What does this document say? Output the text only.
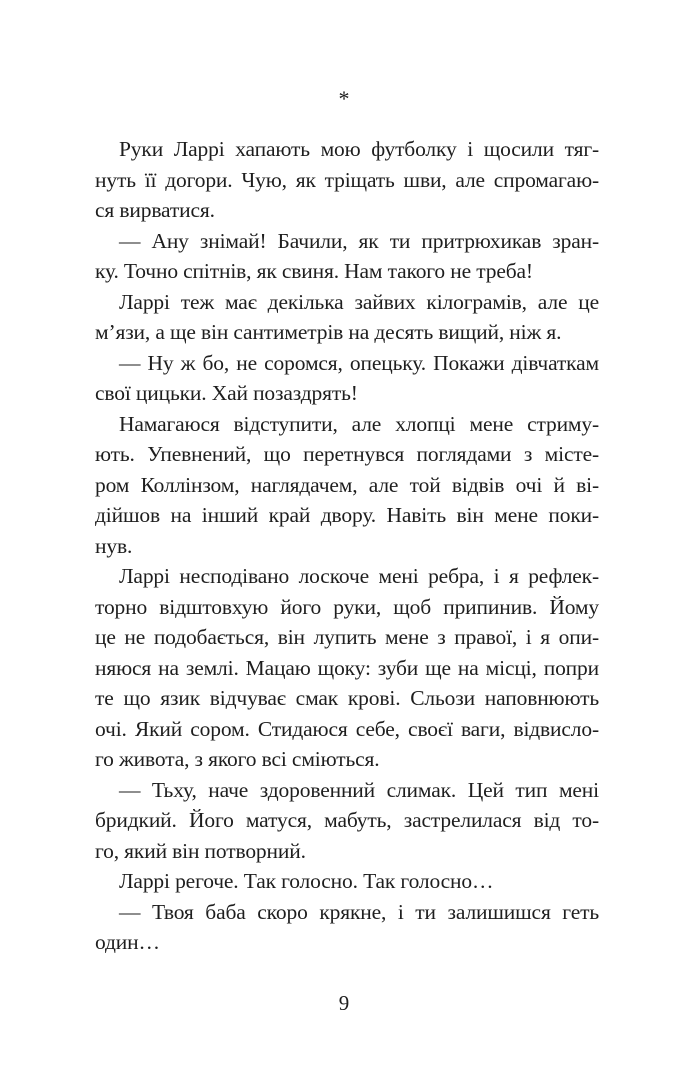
*
Руки Ларрі хапають мою футболку і щосили тяг-
нуть її догори. Чую, як тріщать шви, але спромагаю-
ся вирватися.
— Ану знімай! Бачили, як ти притрюхикав зран-
ку. Точно спітнів, як свиня. Нам такого не треба!
Ларрі теж має декілька зайвих кілограмів, але це
м’язи, а ще він сантиметрів на десять вищий, ніж я.
— Ну ж бо, не соромся, опецьку. Покажи дівчаткам
свої цицьки. Хай позаздрять!
Намагаюся відступити, але хлопці мене стриму-
ють. Упевнений, що перетнувся поглядами з місте-
ром Коллінзом, наглядачем, але той відвів очі й ві-
дійшов на інший край двору. Навіть він мене поки-
нув.
Ларрі несподівано лоскоче мені ребра, і я рефлек-
торно відштовхую його руки, щоб припинив. Йому
це не подобається, він лупить мене з правої, і я опи-
няюся на землі. Мацаю щоку: зуби ще на місці, попри
те що язик відчуває смак крові. Сльози наповнюють
очі. Який сором. Стидаюся себе, своєї ваги, відвисло-
го живота, з якого всі сміються.
— Тьху, наче здоровенний слимак. Цей тип мені
бридкий. Його матуся, мабуть, застрелилася від то-
го, який він потворний.
Ларрі регоче. Так голосно. Так голосно…
— Твоя баба скоро крякне, і ти залишишся геть
один…
9
